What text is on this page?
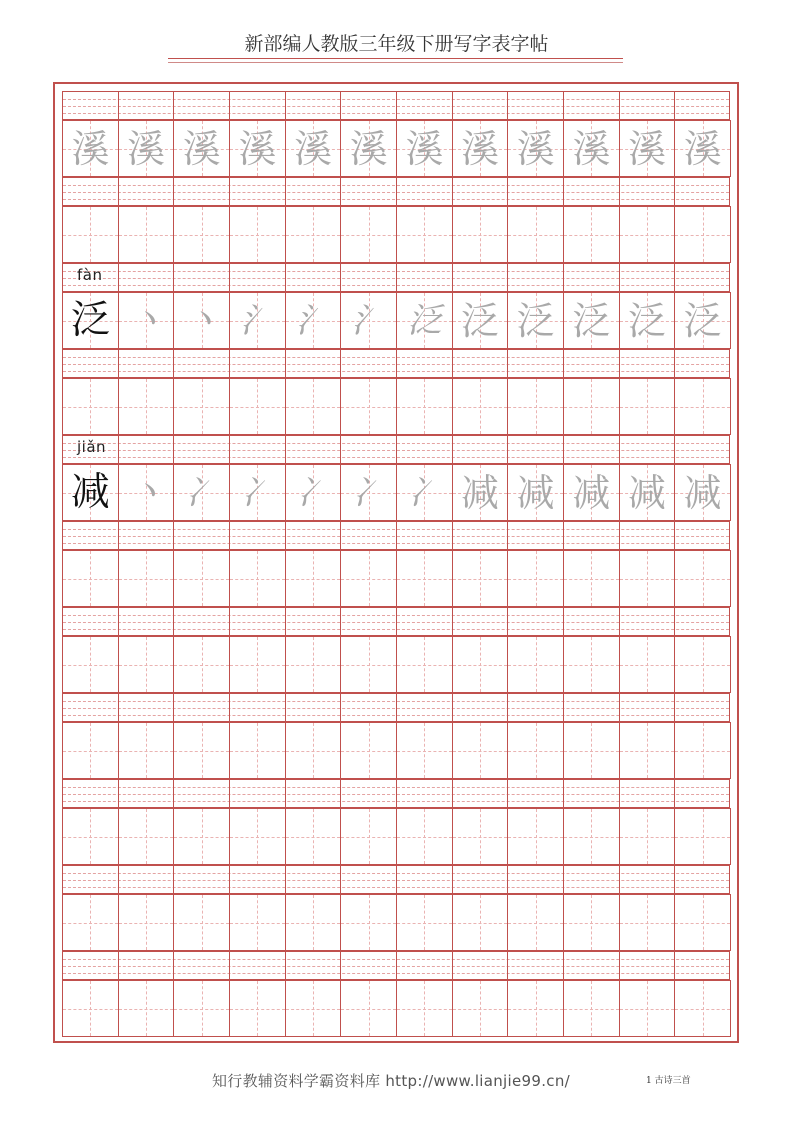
新部编人教版三年级下册写字表字帖
溪 溪 溪 溪 溪 溪 溪 溪 溪 溪 溪 溪
fàn
泛 丶 丶 氵 氵 氵 泛 泛 泛 泛 泛 泛
jiǎn
减 丶 冫 冫 冫 冫 冫 减 减 减 减 减
知行教辅资料学霸资料库 http://www.lianjie99.cn/	1 古诗三首
